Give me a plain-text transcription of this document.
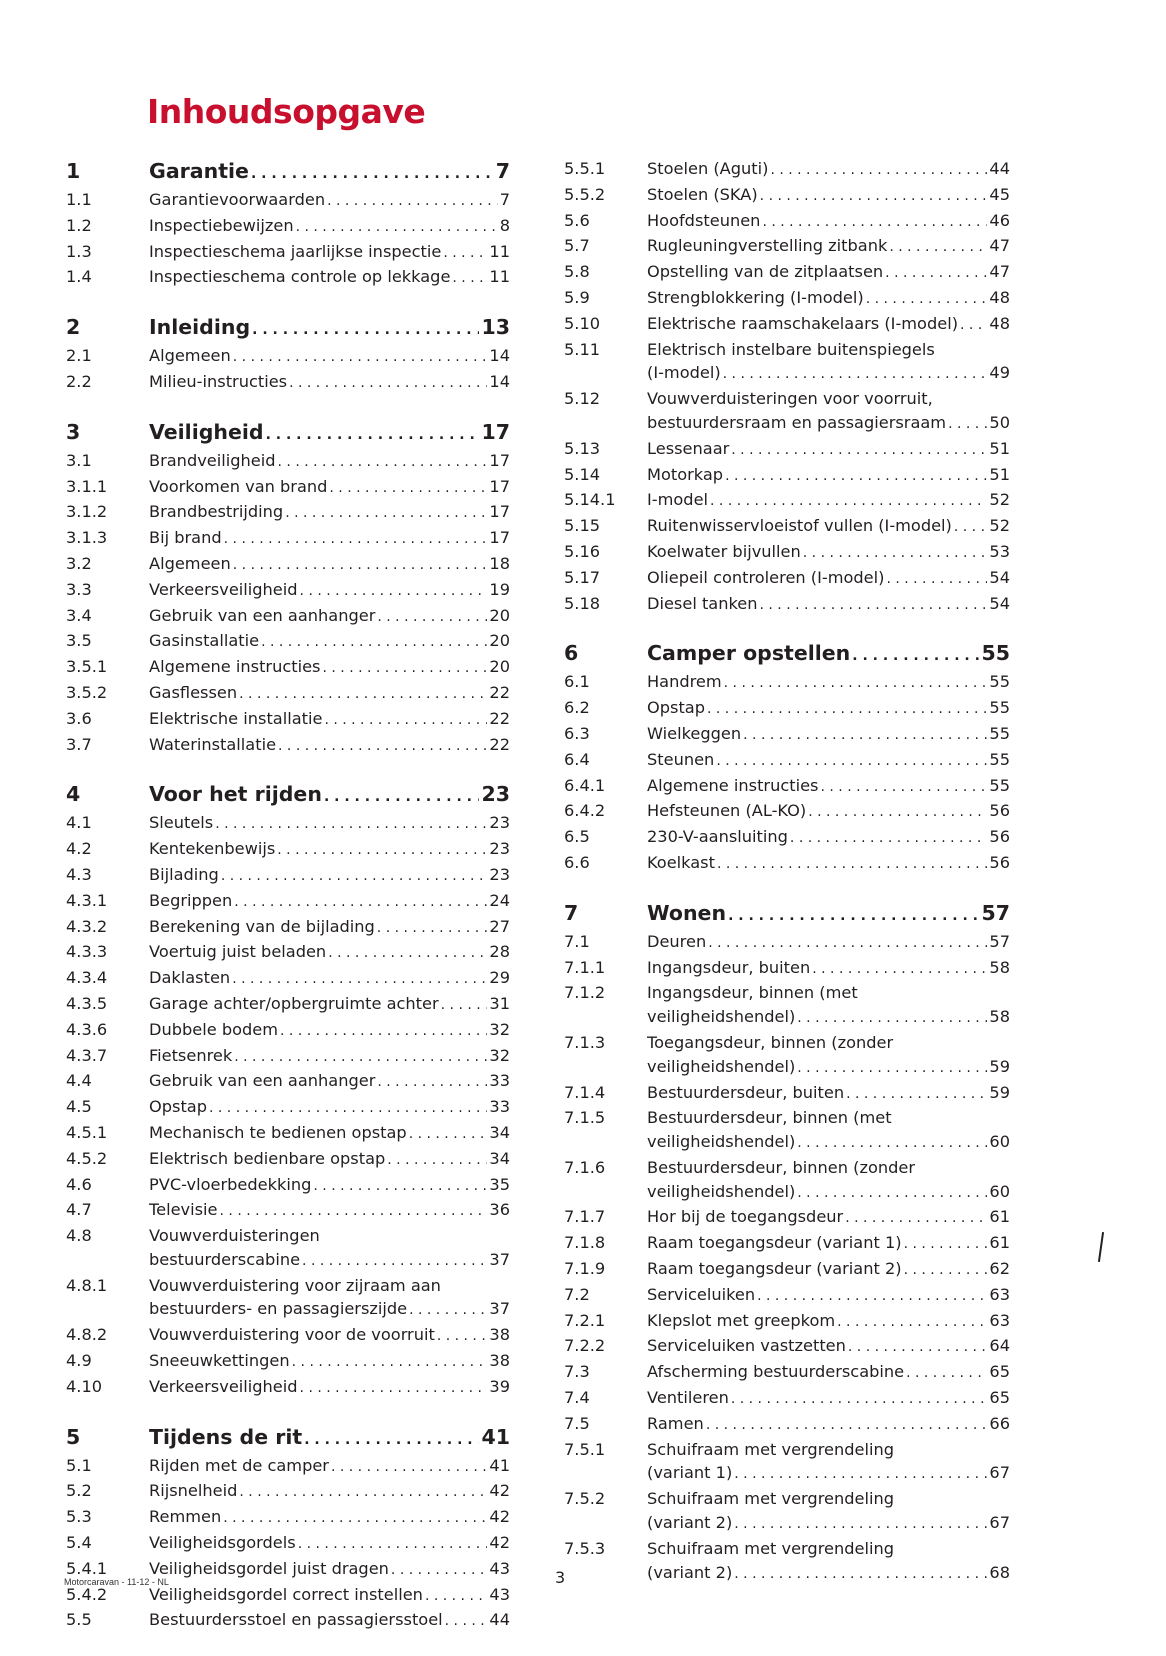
Inhoudsopgave
1	Garantie . . .	7
1.1	Garantievoorwaarden . . .	7
1.2	Inspectiebewijzen . . .	8
1.3	Inspectieschema jaarlijkse inspectie . . .	11
1.4	Inspectieschema controle op lekkage . . . 11
2	Inleiding . . .	13
2.1	Algemeen . . .	14
2.2	Milieu-instructies . . .	14
3	Veiligheid . . .	17
3.1	Brandveiligheid . . .	17
3.1.1	Voorkomen van brand . . .	17
3.1.2	Brandbestrijding . . .	17
3.1.3	Bij brand . . .	17
3.2	Algemeen . . .	18
3.3	Verkeersveiligheid . . .	19
3.4	Gebruik van een aanhanger . . .	20
3.5	Gasinstallatie . . .	20
3.5.1	Algemene instructies . . .	20
3.5.2	Gasflessen . . .	22
3.6	Elektrische installatie . . .	22
3.7	Waterinstallatie . . .	22
4	Voor het rijden . . .	23
4.1	Sleutels . . .	23
4.2	Kentekenbewijs . . .	23
4.3	Bijlading . . .	23
4.3.1	Begrippen . . .	24
4.3.2	Berekening van de bijlading . . .	27
4.3.3	Voertuig juist beladen . . .	28
4.3.4	Daklasten . . .	29
4.3.5	Garage achter/opbergruimte achter . . .	31
4.3.6	Dubbele bodem . . .	32
4.3.7	Fietsenrek . . .	32
4.4	Gebruik van een aanhanger . . .	33
4.5	Opstap . . .	33
4.5.1	Mechanisch te bedienen opstap . . .	34
4.5.2	Elektrisch bedienbare opstap . . .	34
4.6	PVC-vloerbedekking . . .	35
4.7	Televisie . . .	36
4.8	Vouwverduisteringen
bestuurderscabine . . .	37
4.8.1	Vouwverduistering voor zijraam aan
bestuurders- en passagierszijde . . .	37
4.8.2	Vouwverduistering voor de voorruit . . .	38
4.9	Sneeuwkettingen . . .	38
4.10	Verkeersveiligheid . . .	39
5	Tijdens de rit . . .	41
5.1	Rijden met de camper . . .	41
5.2	Rijsnelheid . . .	42
5.3	Remmen . . .	42
5.4	Veiligheidsgordels . . .	42
5.4.1	Veiligheidsgordel juist dragen . . .	43
5.4.2	Veiligheidsgordel correct instellen . . .	43
5.5	Bestuurdersstoel en passagiersstoel . . .	44
5.5.1	Stoelen (Aguti) . . .	44
5.5.2	Stoelen (SKA) . . .	45
5.6	Hoofdsteunen . . .	46
5.7	Rugleuningverstelling zitbank . . .	47
5.8	Opstelling van de zitplaatsen . . .	47
5.9	Strengblokkering (I-model) . . .	48
5.10	Elektrische raamschakelaars (I-model) . . . 48
5.11	Elektrisch instelbare buitenspiegels
(I-model) . . .	49
5.12	Vouwverduisteringen voor voorruit,
bestuurdersraam en passagiersraam . . .	50
5.13	Lessenaar . . .	51
5.14	Motorkap . . .	51
5.14.1	I-model . . .	52
5.15	Ruitenwisservloeistof vullen (I-model) . . . 52
5.16	Koelwater bijvullen . . .	53
5.17	Oliepeil controleren (I-model) . . .	54
5.18	Diesel tanken . . .	54
6	Camper opstellen . . .	55
6.1	Handrem . . .	55
6.2	Opstap . . .	55
6.3	Wielkeggen . . .	55
6.4	Steunen . . .	55
6.4.1	Algemene instructies . . .	55
6.4.2	Hefsteunen (AL-KO) . . .	56
6.5	230-V-aansluiting . . .	56
6.6	Koelkast . . .	56
7	Wonen . . .	57
7.1	Deuren . . .	57
7.1.1	Ingangsdeur, buiten . . .	58
7.1.2	Ingangsdeur, binnen (met
veiligheidshendel) . . .	58
7.1.3	Toegangsdeur, binnen (zonder
veiligheidshendel) . . .	59
7.1.4	Bestuurdersdeur, buiten . . .	59
7.1.5	Bestuurdersdeur, binnen (met
veiligheidshendel) . . .	60
7.1.6	Bestuurdersdeur, binnen (zonder
veiligheidshendel) . . .	60
7.1.7	Hor bij de toegangsdeur . . .	61
7.1.8	Raam toegangsdeur (variant 1) . . .	61
7.1.9	Raam toegangsdeur (variant 2) . . .	62
7.2	Serviceluiken . . .	63
7.2.1	Klepslot met greepkom . . .	63
7.2.2	Serviceluiken vastzetten . . .	64
7.3	Afscherming bestuurderscabine . . .	65
7.4	Ventileren . . .	65
7.5	Ramen . . .	66
7.5.1	Schuifraam met vergrendeling
(variant 1) . . .	67
7.5.2	Schuifraam met vergrendeling
(variant 2) . . .	67
7.5.3	Schuifraam met vergrendeling
(variant 2) . . .	68
Motorcaravan - 11-12 - NL	3
